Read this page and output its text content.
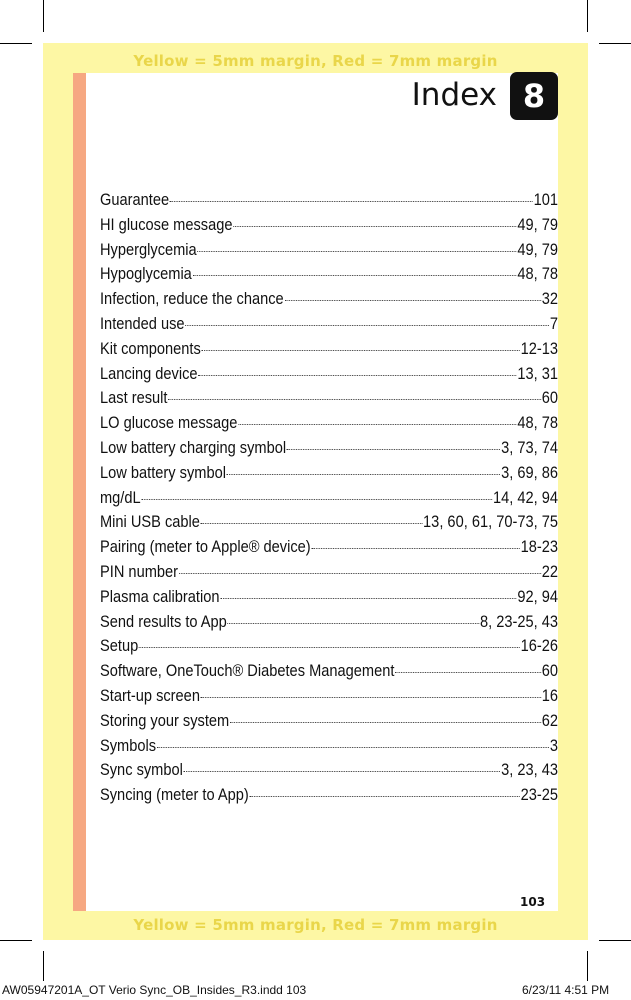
Yellow = 5mm margin, Red = 7mm margin
Yellow = 5mm margin, Red = 7mm margin
Index 8
Guarantee	101
HI glucose message	49, 79
Hyperglycemia	49, 79
Hypoglycemia	48, 78
Infection, reduce the chance	32
Intended use	7
Kit components	12-13
Lancing device	13, 31
Last result	60
LO glucose message	48, 78
Low battery charging symbol	3, 73, 74
Low battery symbol	3, 69, 86
mg/dL	14, 42, 94
Mini USB cable	13, 60, 61, 70-73, 75
Pairing (meter to Apple® device)	18-23
PIN number	22
Plasma calibration	92, 94
Send results to App	8, 23-25, 43
Setup	16-26
Software, OneTouch® Diabetes Management	60
Start-up screen	16
Storing your system	62
Symbols	3
Sync symbol	3, 23, 43
Syncing (meter to App)	23-25
103
AW05947201A_OT Verio Sync_OB_Insides_R3.indd 103	6/23/11 4:51 PM
